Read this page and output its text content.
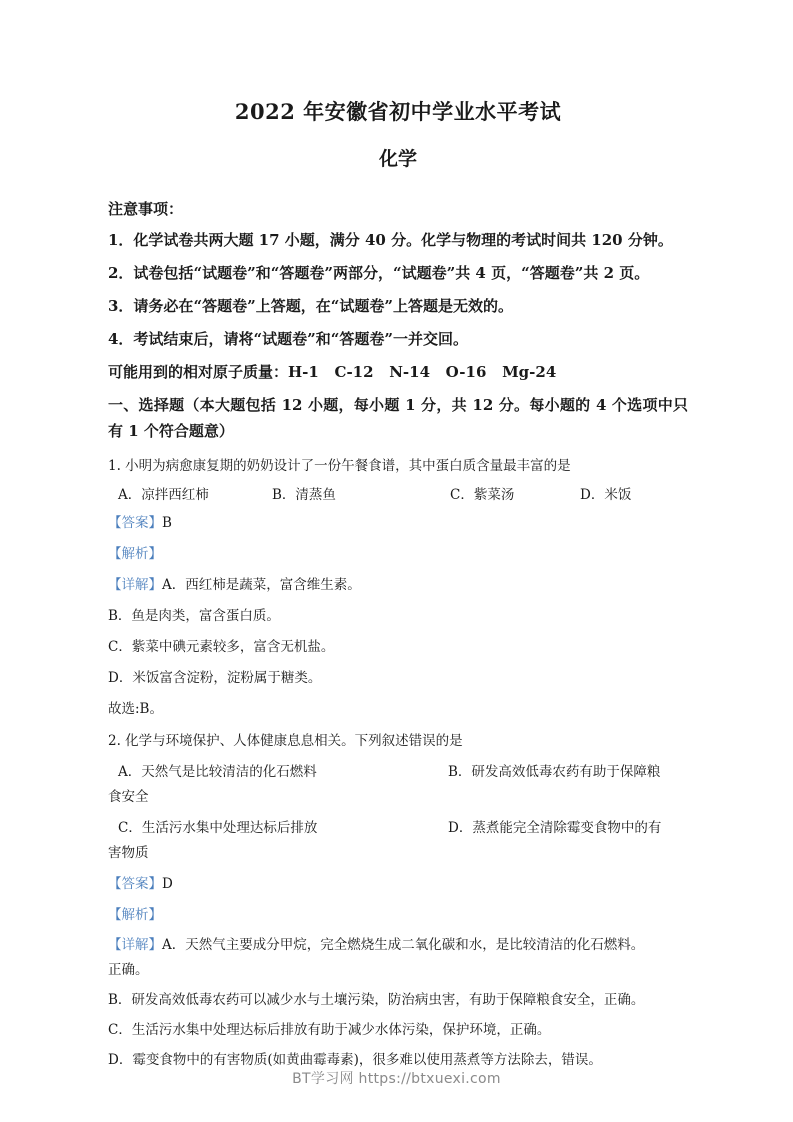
2022 年安徽省初中学业水平考试
化学
注意事项：
1．化学试卷共两大题 17 小题，满分 40 分。化学与物理的考试时间共 120 分钟。
2．试卷包括“试题卷”和“答题卷”两部分，“试题卷”共 4 页，“答题卷”共 2 页。
3．请务必在“答题卷”上答题，在“试题卷”上答题是无效的。
4．考试结束后，请将“试题卷”和“答题卷”一并交回。
可能用到的相对原子质量：H-1   C-12   N-14   O-16   Mg-24
一、选择题（本大题包括 12 小题，每小题 1 分，共 12 分。每小题的 4 个选项中只有 1 个符合题意）
1. 小明为病愈康复期的奶奶设计了一份午餐食谱，其中蛋白质含量最丰富的是
A．凉拌西红柿	B．清蒸鱼	C．紫菜汤	D．米饭
【答案】B
【解析】
【详解】A．西红柿是蔬菜，富含维生素。
B．鱼是肉类，富含蛋白质。
C．紫菜中碘元素较多，富含无机盐。
D．米饭富含淀粉，淀粉属于糖类。
故选:B。
2. 化学与环境保护、人体健康息息相关。下列叙述错误的是
A．天然气是比较清洁的化石燃料	B．研发高效低毒农药有助于保障粮
食安全
C．生活污水集中处理达标后排放	D．蒸煮能完全清除霉变食物中的有
害物质
【答案】D
【解析】
【详解】A．天然气主要成分甲烷，完全燃烧生成二氧化碳和水，是比较清洁的化石燃料。
正确。
B．研发高效低毒农药可以减少水与土壤污染，防治病虫害，有助于保障粮食安全，正确。
C．生活污水集中处理达标后排放有助于减少水体污染，保护环境，正确。
D．霉变食物中的有害物质(如黄曲霉毒素)，很多难以使用蒸煮等方法除去，错误。
BT学习网 https://btxuexi.com
